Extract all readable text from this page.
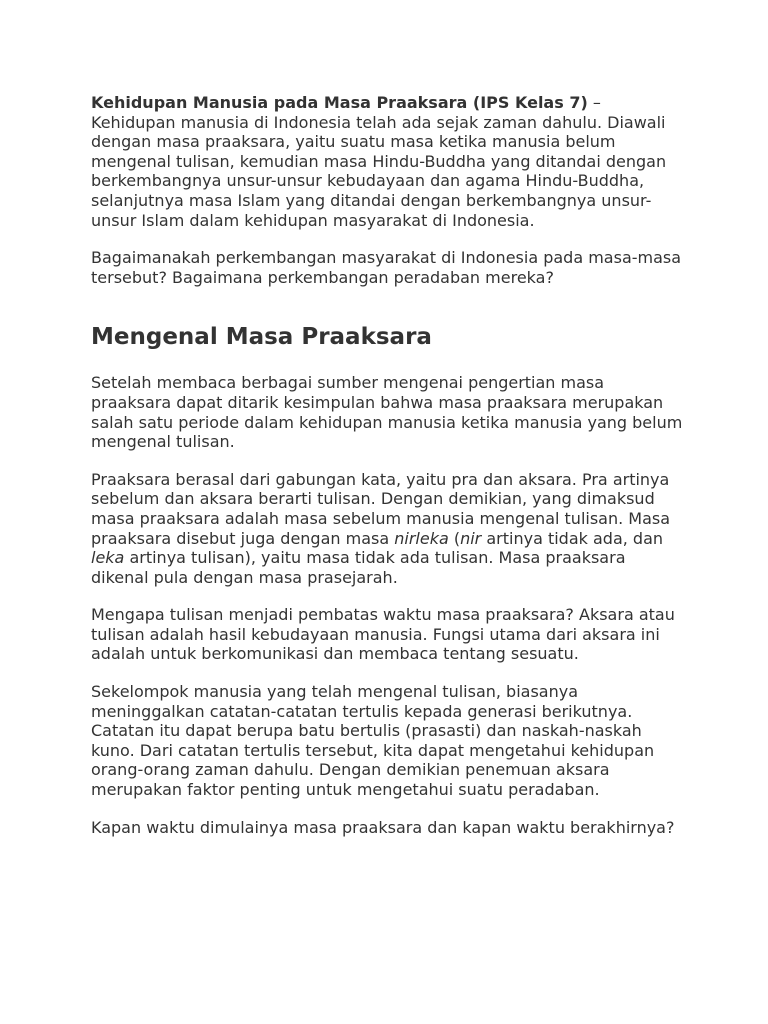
Kehidupan Manusia pada Masa Praaksara (IPS Kelas 7) – Kehidupan manusia di Indonesia telah ada sejak zaman dahulu. Diawali dengan masa praaksara, yaitu suatu masa ketika manusia belum mengenal tulisan, kemudian masa Hindu-Buddha yang ditandai dengan berkembangnya unsur-unsur kebudayaan dan agama Hindu-Buddha, selanjutnya masa Islam yang ditandai dengan berkembangnya unsur-unsur Islam dalam kehidupan masyarakat di Indonesia.

Bagaimanakah perkembangan masyarakat di Indonesia pada masa-masa tersebut? Bagaimana perkembangan peradaban mereka?

Mengenal Masa Praaksara

Setelah membaca berbagai sumber mengenai pengertian masa praaksara dapat ditarik kesimpulan bahwa masa praaksara merupakan salah satu periode dalam kehidupan manusia ketika manusia yang belum mengenal tulisan.

Praaksara berasal dari gabungan kata, yaitu pra dan aksara. Pra artinya sebelum dan aksara berarti tulisan. Dengan demikian, yang dimaksud masa praaksara adalah masa sebelum manusia mengenal tulisan. Masa praaksara disebut juga dengan masa nirleka (nir artinya tidak ada, dan leka artinya tulisan), yaitu masa tidak ada tulisan. Masa praaksara dikenal pula dengan masa prasejarah.

Mengapa tulisan menjadi pembatas waktu masa praaksara? Aksara atau tulisan adalah hasil kebudayaan manusia. Fungsi utama dari aksara ini adalah untuk berkomunikasi dan membaca tentang sesuatu.

Sekelompok manusia yang telah mengenal tulisan, biasanya meninggalkan catatan-catatan tertulis kepada generasi berikutnya. Catatan itu dapat berupa batu bertulis (prasasti) dan naskah-naskah kuno. Dari catatan tertulis tersebut, kita dapat mengetahui kehidupan orang-orang zaman dahulu. Dengan demikian penemuan aksara merupakan faktor penting untuk mengetahui suatu peradaban.

Kapan waktu dimulainya masa praaksara dan kapan waktu berakhirnya?
